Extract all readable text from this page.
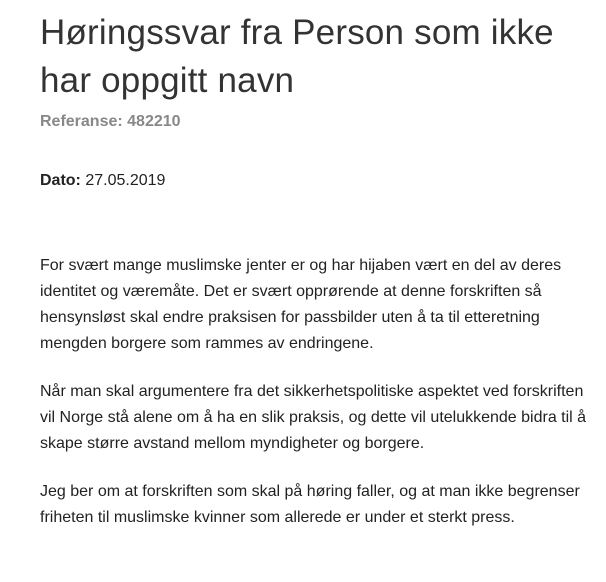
Høringssvar fra Person som ikke har oppgitt navn
Referanse: 482210
Dato: 27.05.2019

For svært mange muslimske jenter er og har hijaben vært en del av deres identitet og væremåte. Det er svært opprørende at denne forskriften så hensynsløst skal endre praksisen for passbilder uten å ta til etteretning mengden borgere som rammes av endringene.

Når man skal argumentere fra det sikkerhetspolitiske aspektet ved forskriften vil Norge stå alene om å ha en slik praksis, og dette vil utelukkende bidra til å skape større avstand mellom myndigheter og borgere.

Jeg ber om at forskriften som skal på høring faller, og at man ikke begrenser friheten til muslimske kvinner som allerede er under et sterkt press.
